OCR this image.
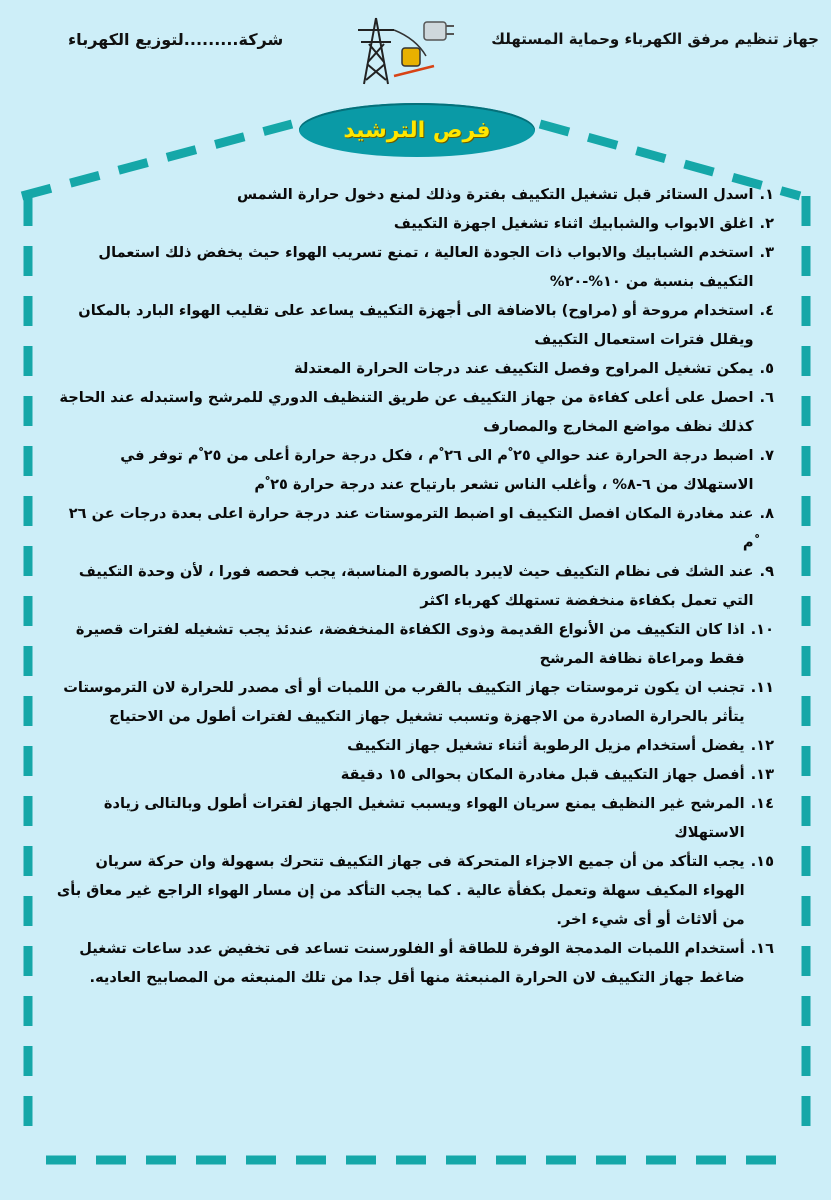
جهاز تنظيم مرفق الكهرباء وحماية المستهلك
شركة.........لتوزيع الكهرباء
فرص الترشيد
١.
اسدل الستائر قبل تشغيل التكييف بفترة وذلك لمنع دخول حرارة الشمس
٢.
اغلق الابواب والشبابيك اثناء تشغيل اجهزة التكييف
٣.
استخدم الشبابيك والابواب ذات الجودة العالية ، تمنع تسريب الهواء حيث يخفض ذلك استعمال التكييف بنسبة من ١٠%-٢٠%
٤.
استخدام مروحة أو (مراوح) بالاضافة الى أجهزة التكييف يساعد على تقليب الهواء البارد بالمكان ويقلل فترات استعمال التكييف
٥.
يمكن تشغيل المراوح وفصل التكييف عند درجات الحرارة المعتدلة
٦.
احصل على أعلى كفاءة من جهاز التكييف عن طريق التنظيف الدوري للمرشح واستبدله عند الحاجة كذلك نظف مواضع المخارج والمصارف
٧.
اضبط درجة الحرارة عند حوالي ٢٥ ْم الى ٢٦ ْم ، فكل درجة حرارة أعلى من ٢٥ ْم توفر في الاستهلاك من ٦-٨% ، وأغلب الناس تشعر بارتياح عند درجة حرارة ٢٥ ْم
٨.
عند مغادرة المكان افصل التكييف او اضبط الترموستات عند درجة حرارة اعلى بعدة درجات عن ٢٦ ْم
٩.
عند الشك فى نظام التكييف حيث لايبرد بالصورة المناسبة، يجب فحصه فورا ، لأن وحدة التكييف التي تعمل بكفاءة منخفضة تستهلك كهرباء اكثر
١٠.
اذا كان التكييف من الأنواع القديمة وذوى الكفاءة المنخفضة، عندئذ يجب تشغيله لفترات قصيرة فقط ومراعاة نظافة المرشح
١١.
تجنب ان يكون ترموستات جهاز التكييف بالقرب من اللمبات أو أى مصدر للحرارة لان الترموستات يتأثر بالحرارة الصادرة من الاجهزة وتسبب تشغيل جهاز التكييف لفترات أطول من الاحتياج
١٢.
يفضل أستخدام مزيل الرطوبة أثناء تشغيل جهاز التكييف
١٣.
أفصل جهاز التكييف قبل مغادرة المكان بحوالى ١٥ دقيقة
١٤.
المرشح غير النظيف يمنع سريان الهواء ويسبب تشغيل الجهاز لفترات أطول وبالتالى زيادة الاستهلاك
١٥.
يجب التأكد من أن جميع الاجزاء المتحركة فى جهاز التكييف تتحرك بسهولة وان حركة سريان الهواء المكيف سهلة وتعمل بكفأة عالية . كما يجب التأكد من إن مسار الهواء الراجع غير معاق بأى من ألاثاث أو أى شيء اخر.
١٦.
أستخدام اللمبات المدمجة الوفرة للطاقة أو الفلورسنت تساعد فى تخفيض عدد ساعات تشغيل ضاغط جهاز التكييف لان الحرارة المنبعثة منها أقل جدا من تلك المنبعثه من المصابيح العاديه.
